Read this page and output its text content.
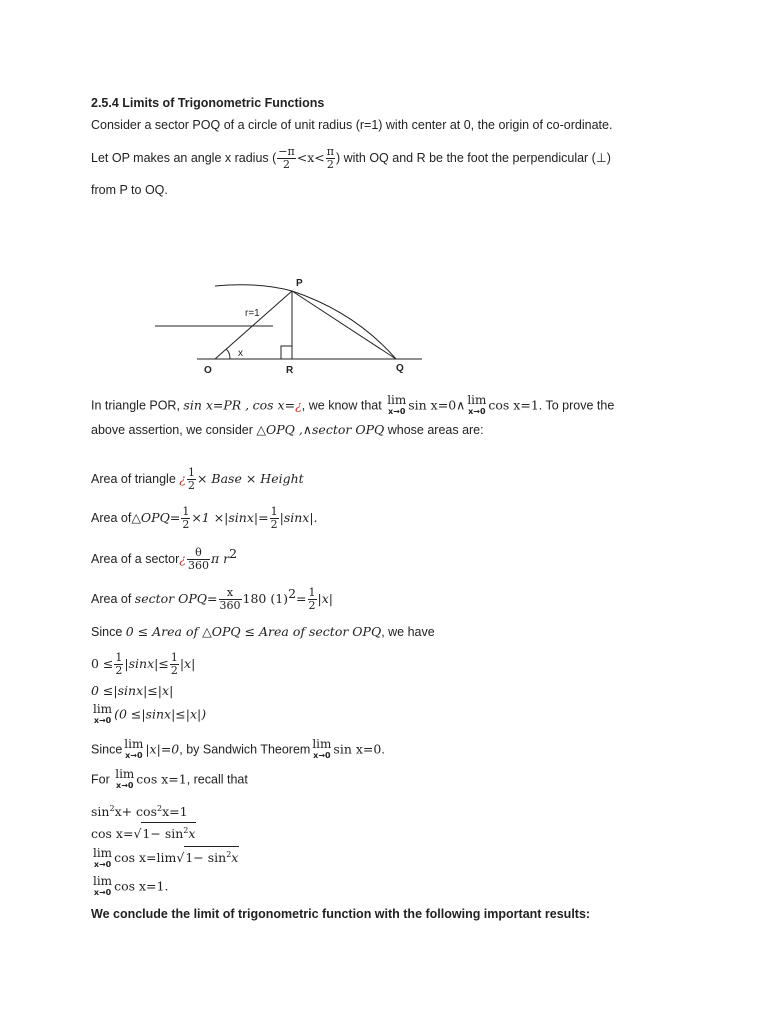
2.5.4 Limits of Trigonometric Functions
Consider a sector POQ of a circle of unit radius (r=1) with center at 0, the origin of co-ordinate.
Let OP makes an angle x radius ( $\frac{-\pi}{2} <x< \frac{\pi}{2}$ ) with OQ and R be the foot the perpendicular (⊥)
from P to OQ.
P
O	R	Q
r=1
x
In triangle POR, sin x=PR , cos x=¿, we know that lim
x→0 sin x=0∧ lim
x→0 cos x=1. To prove the
above assertion, we consider △OPQ ,∧sector OPQ whose areas are:
Area of triangle ¿ $\frac{1}{2}$ × Base × Height
Area of△OPQ= $\frac{1}{2} \times 1 \times|\sin x|= \frac{1}{2} |\sin x|$.
Area of a sector¿ $\frac{\theta}{360}$ π $r^2$
Area of sector $OPQ= \frac{x}{360} 180$ $(1)^2= \frac{1}{2} |x|$
Since 0 ≤ Area of △OPQ ≤ Area of sector OPQ, we have
$0 \le \frac{1}{2} |\sin x|\le \frac{1}{2} |x|$
0 ≤|sinx|≤|x|
lim
x→0 (0 ≤|sinx|≤|x|)
Since lim
x→0 |x|=0, by Sandwich Theorem lim
x→0 sin x=0.
For lim
x→0 cos x=1, recall that
$\sin^2x+ \cos^2x=1$
$\cos x=√1- \sin^2x$
lim
x→0 $\cos x=\lim√1- \sin^2x$
lim
x→0 cos x=1.
We conclude the limit of trigonometric function with the following important results:
